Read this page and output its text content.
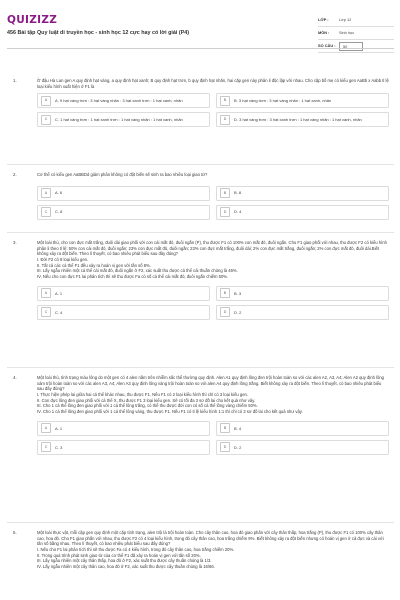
QUIZIZZ
456 Bài tập Quy luật di truyền học - sinh học 12 cực hay có lời giải (P4)
LỚP :	Lớp 12
MÔN :	Sinh học
SỐ CÂU :	50
1.	Ở đậu Hà Lan gen A quy định hạt vàng, a quy định hạt xanh; B quy định hạt trơn, b quy định hạt nhăn, hai cặp gen này phân li độc lập với nhau. Cho cặp bố mẹ có kiểu gen AaBb x Aabb tỉ lệ loại kiểu hình xuất hiện ở F1 là

A	A. 9 hạt vàng trơn : 3 hạt vàng nhăn : 3 hạt xanh trơn : 1 hạt xanh, nhăn	B	B. 3 hạt vàng trơn : 3 hạt vàng nhăn : 1 hạt xanh, nhăn
C	C. 1 hạt vàng trơn : 1 hạt xanh trơn : 1 hạt vàng nhăn : 1 hạt xanh, nhăn	D	D. 3 hạt vàng trơn : 3 hạt xanh trơn : 1 hạt vàng nhăn : 1 hạt xanh, nhăn
2.	Cơ thể có kiểu gen AaBBDd giảm phân không có đột biến sẽ sinh ra bao nhiêu loại giao tử?

A	A. 6	B	B. 8
C	C. 8	D	D. 4
3.	Một loài thú, cho con đực mắt trắng, đuôi dài giao phối với con cái mắt đỏ, đuôi ngắn (P), thu được F1 có 100% con mắt đỏ, đuôi ngắn. Cho F1 giao phối với nhau, thu được F2 có kiểu hình phân li theo tỉ lệ: 50% con cái mắt đỏ, đuôi ngắn; 23% con đực mắt đỏ, đuôi ngắn; 23% con đực mắt trắng, đuôi dài; 2% con đực mắt trắng, đuôi ngắn; 2% con đực mắt đỏ, đuôi dài.Biết không xảy ra đột biến. Theo lí thuyết, có bao nhiêu phát biểu sau đây đúng?

I. Đời F2 có 8 loại kiểu gen.

II. Tất cả các cá thể F1 đều xảy ra hoán vị gen với tần số 8%.

III. Lấy ngẫu nhiên một cá thể cái mắt đỏ, đuôi ngắn ở F2, xác suất thu được cá thể cái thuần chủng là 46%.

IV. Nếu cho con đực F1 lai phân tích thì sẽ thu được Fa có số cá thể cái mắt đỏ, đuôi ngắn chiếm 50%.

A	A. 1	B	B. 3
C	C. 4	D	D. 2
4.	Một loài thú, tính trạng màu lông do một gen có 4 alen nằm trên nhiễm sắc thể thường quy định. Alen A1 quy định lông đen trội hoàn toàn so với các alen A2, A3, A4; Alen A2 quy định lông xám trội hoàn toàn so với các alen A3, A4; Alen A3 quy định lông vàng trội hoàn toàn so với alen A4 quy định lông trắng. Biết không xảy ra đột biến. Theo lí thuyết, có bao nhiêu phát biểu sau đây đúng?

I. Thực hiện phép lai giữa hai cá thể khác nhau, thu được F1. Nếu F1 có 2 loại kiểu hình thì chỉ có 3 loại kiểu gen.

II. Con đực lông đen giao phối với cá thể X, thu được F1 3 loại kiểu gen. Sẽ có tối đa 3 sơ đồ lai cho kết quả như vậy.

III. Cho 1 cá thể lông đen giao phối với 1 cá thể lông trắng, có thể thu được đời con có số cá thể lông vàng chiếm 50%.

IV. Cho 1 cá thể lông đen giao phối với 1 cá thể lông vàng, thu được F1. Nếu F1 có tỉ lệ kiểu hình 1:1 thì chỉ có 3 sơ đồ lai cho kết quả như vậy.

A	A. 1	B	B. 4
C	C. 3	D	D. 2
5.	Một loài thực vật, mỗi cặp gen quy định một cặp tính trạng, alen trội là trội hoàn toàn. Cho cây thân cao, hoa đỏ giao phấn với cây thân thấp, hoa trắng (P), thu được F1 có 100% cây thân cao, hoa đỏ. Cho F1 giao phấn với nhau, thu được F2 có 4 loại kiểu hình, trong đó cây thân cao, hoa trắng chiếm 9%. Biết không xảy ra đột biến nhưng có hoán vị gen ở cả đực và cái với tần số bằng nhau. Theo lí thuyết, có bao nhiêu phát biểu sau đây đúng?

I. Nếu cho F1 lai phân tích thì sẽ thu được Fa có 4 kiểu hình, trong đó cây thân cao, hoa trắng chiếm 20%.

II. Trong quá trình phát sinh giao tử của cơ thể F1 đã xảy ra hoán vị gen với tần số 20%.

III. Lấy ngẫu nhiên một cây thân thấp, hoa đỏ ở F2, xác suất thu được cây thuần chủng là 1/3.

IV. Lấy ngẫu nhiên một cây thân cao, hoa đỏ ở F2, xác suất thu được cây thuần chủng là 16/66.
